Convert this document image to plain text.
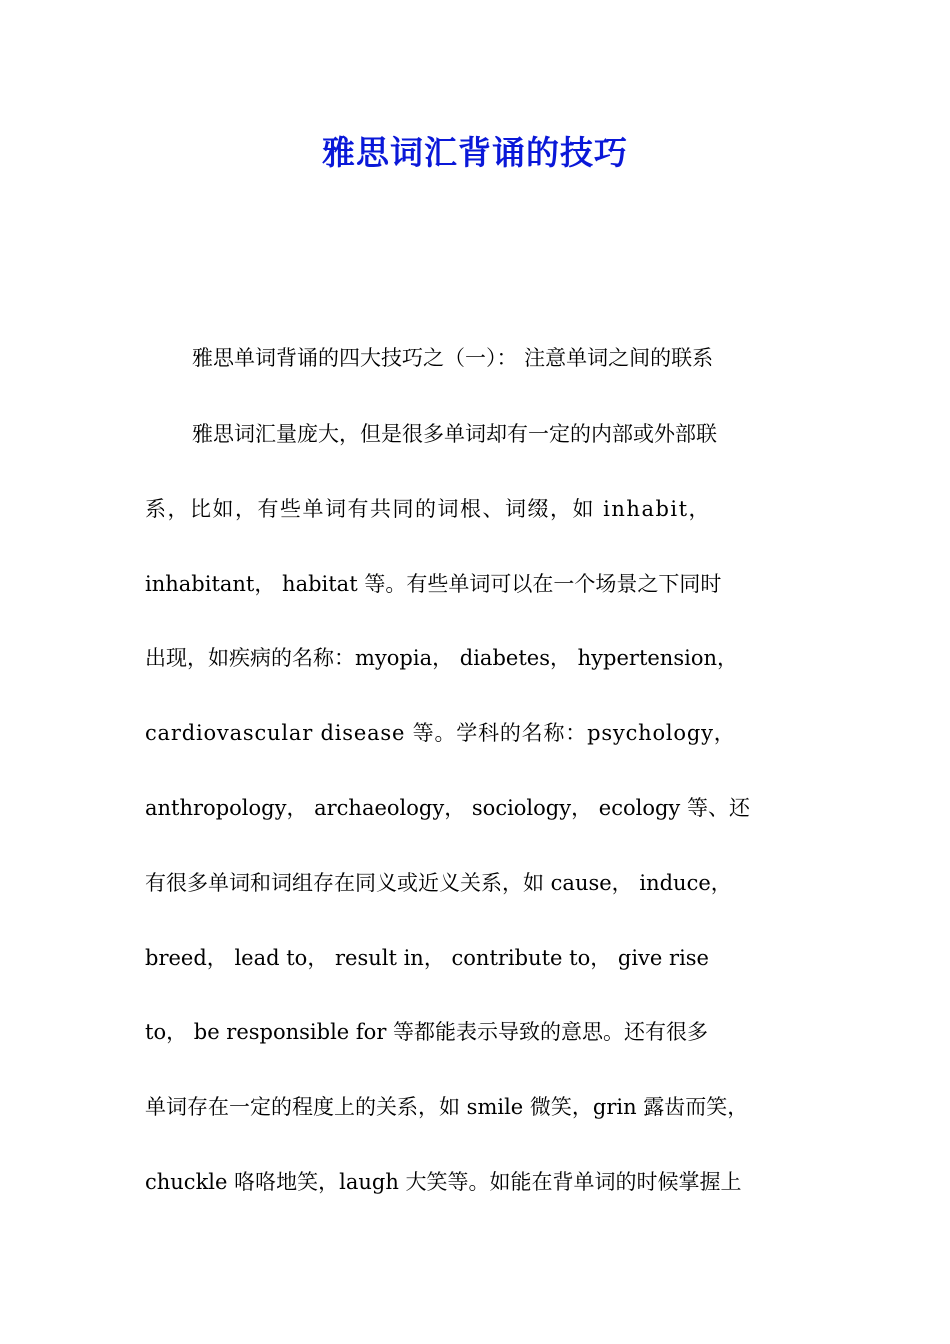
雅思词汇背诵的技巧
雅思单词背诵的四大技巧之（一）： 注意单词之间的联系
雅思词汇量庞大，但是很多单词却有一定的内部或外部联
系，比如，有些单词有共同的词根、词缀，如 inhabit，
inhabitant， habitat 等。有些单词可以在一个场景之下同时
出现，如疾病的名称：myopia， diabetes， hypertension，
cardiovascular disease 等。学科的名称：psychology，
anthropology， archaeology， sociology， ecology 等、还
有很多单词和词组存在同义或近义关系，如 cause， induce，
breed， lead to， result in， contribute to， give rise
to， be responsible for 等都能表示导致的意思。还有很多
单词存在一定的程度上的关系，如 smile 微笑，grin 露齿而笑，
chuckle 咯咯地笑，laugh 大笑等。如能在背单词的时候掌握上
